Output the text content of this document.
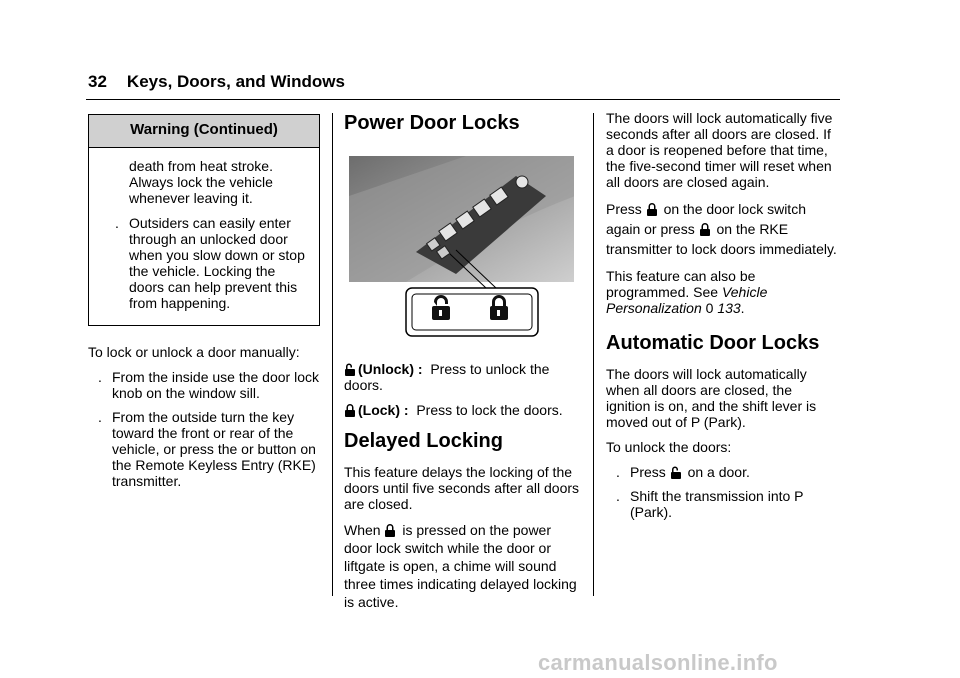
32 Keys, Doors, and Windows
Warning (Continued)
death from heat stroke. Always lock the vehicle whenever leaving it.
. Outsiders can easily enter through an unlocked door when you slow down or stop the vehicle. Locking the doors can help prevent this from happening.

To lock or unlock a door manually:

. From the inside use the door lock knob on the window sill.
. From the outside turn the key toward the front or rear of the vehicle, or press the or button on the Remote Keyless Entry (RKE) transmitter.
Power Door Locks

(Unlock) : Press to unlock the doors.

(Lock) : Press to lock the doors.

Delayed Locking

This feature delays the locking of the doors until five seconds after all doors are closed.

When is pressed on the power door lock switch while the door or liftgate is open, a chime will sound three times indicating delayed locking is active.

The doors will lock automatically five seconds after all doors are closed. If a door is reopened before that time, the five-second timer will reset when all doors are closed again.

Press on the door lock switch again or press on the RKE transmitter to lock doors immediately.

This feature can also be programmed. See Vehicle Personalization 0 133.

Automatic Door Locks

The doors will lock automatically when all doors are closed, the ignition is on, and the shift lever is moved out of P (Park).

To unlock the doors:

. Press on a door.
. Shift the transmission into P (Park).
carmanualsonline.info
